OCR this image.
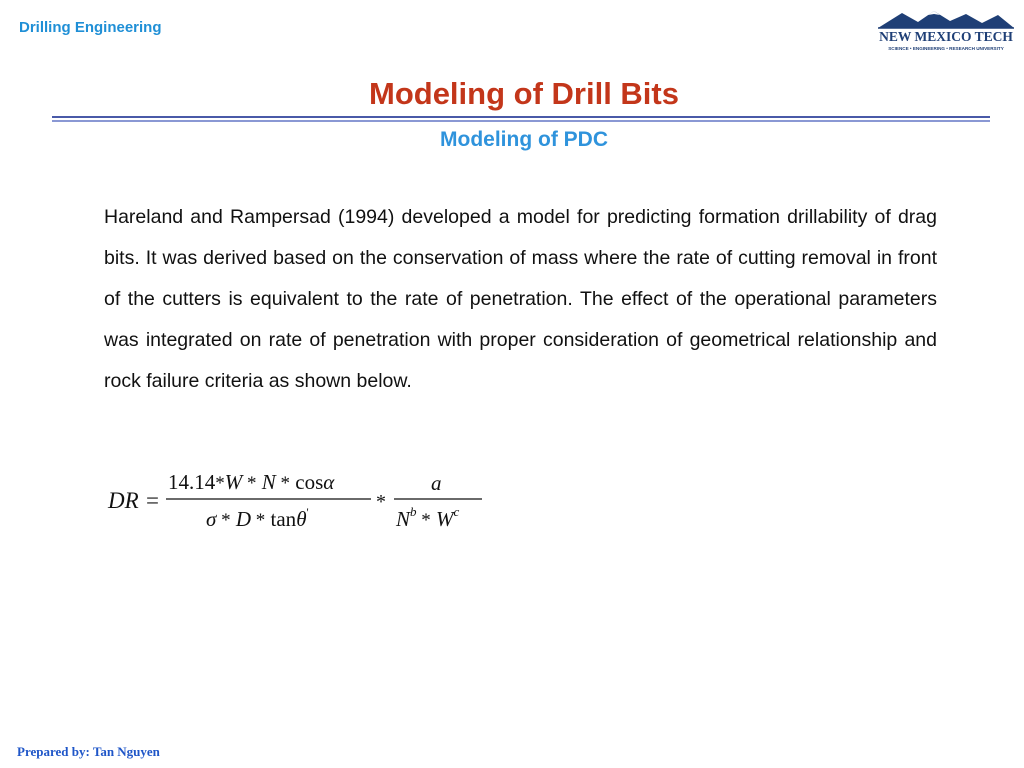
Drilling Engineering
NEW MEXICO TECH
SCIENCE • ENGINEERING • RESEARCH UNIVERSITY
Modeling of Drill Bits
Modeling of PDC

Hareland and Rampersad (1994) developed a model for predicting formation drillability of drag bits. It was derived based on the conservation of mass where the rate of cutting removal in front of the cutters is equivalent to the rate of penetration. The effect of the operational parameters was integrated on rate of penetration with proper consideration of geometrical relationship and rock failure criteria as shown below.

DR =
14.14*W * N * cosα
σ * D * tanθ'	*
a
$N^b * W^c$
Prepared by: Tan Nguyen
